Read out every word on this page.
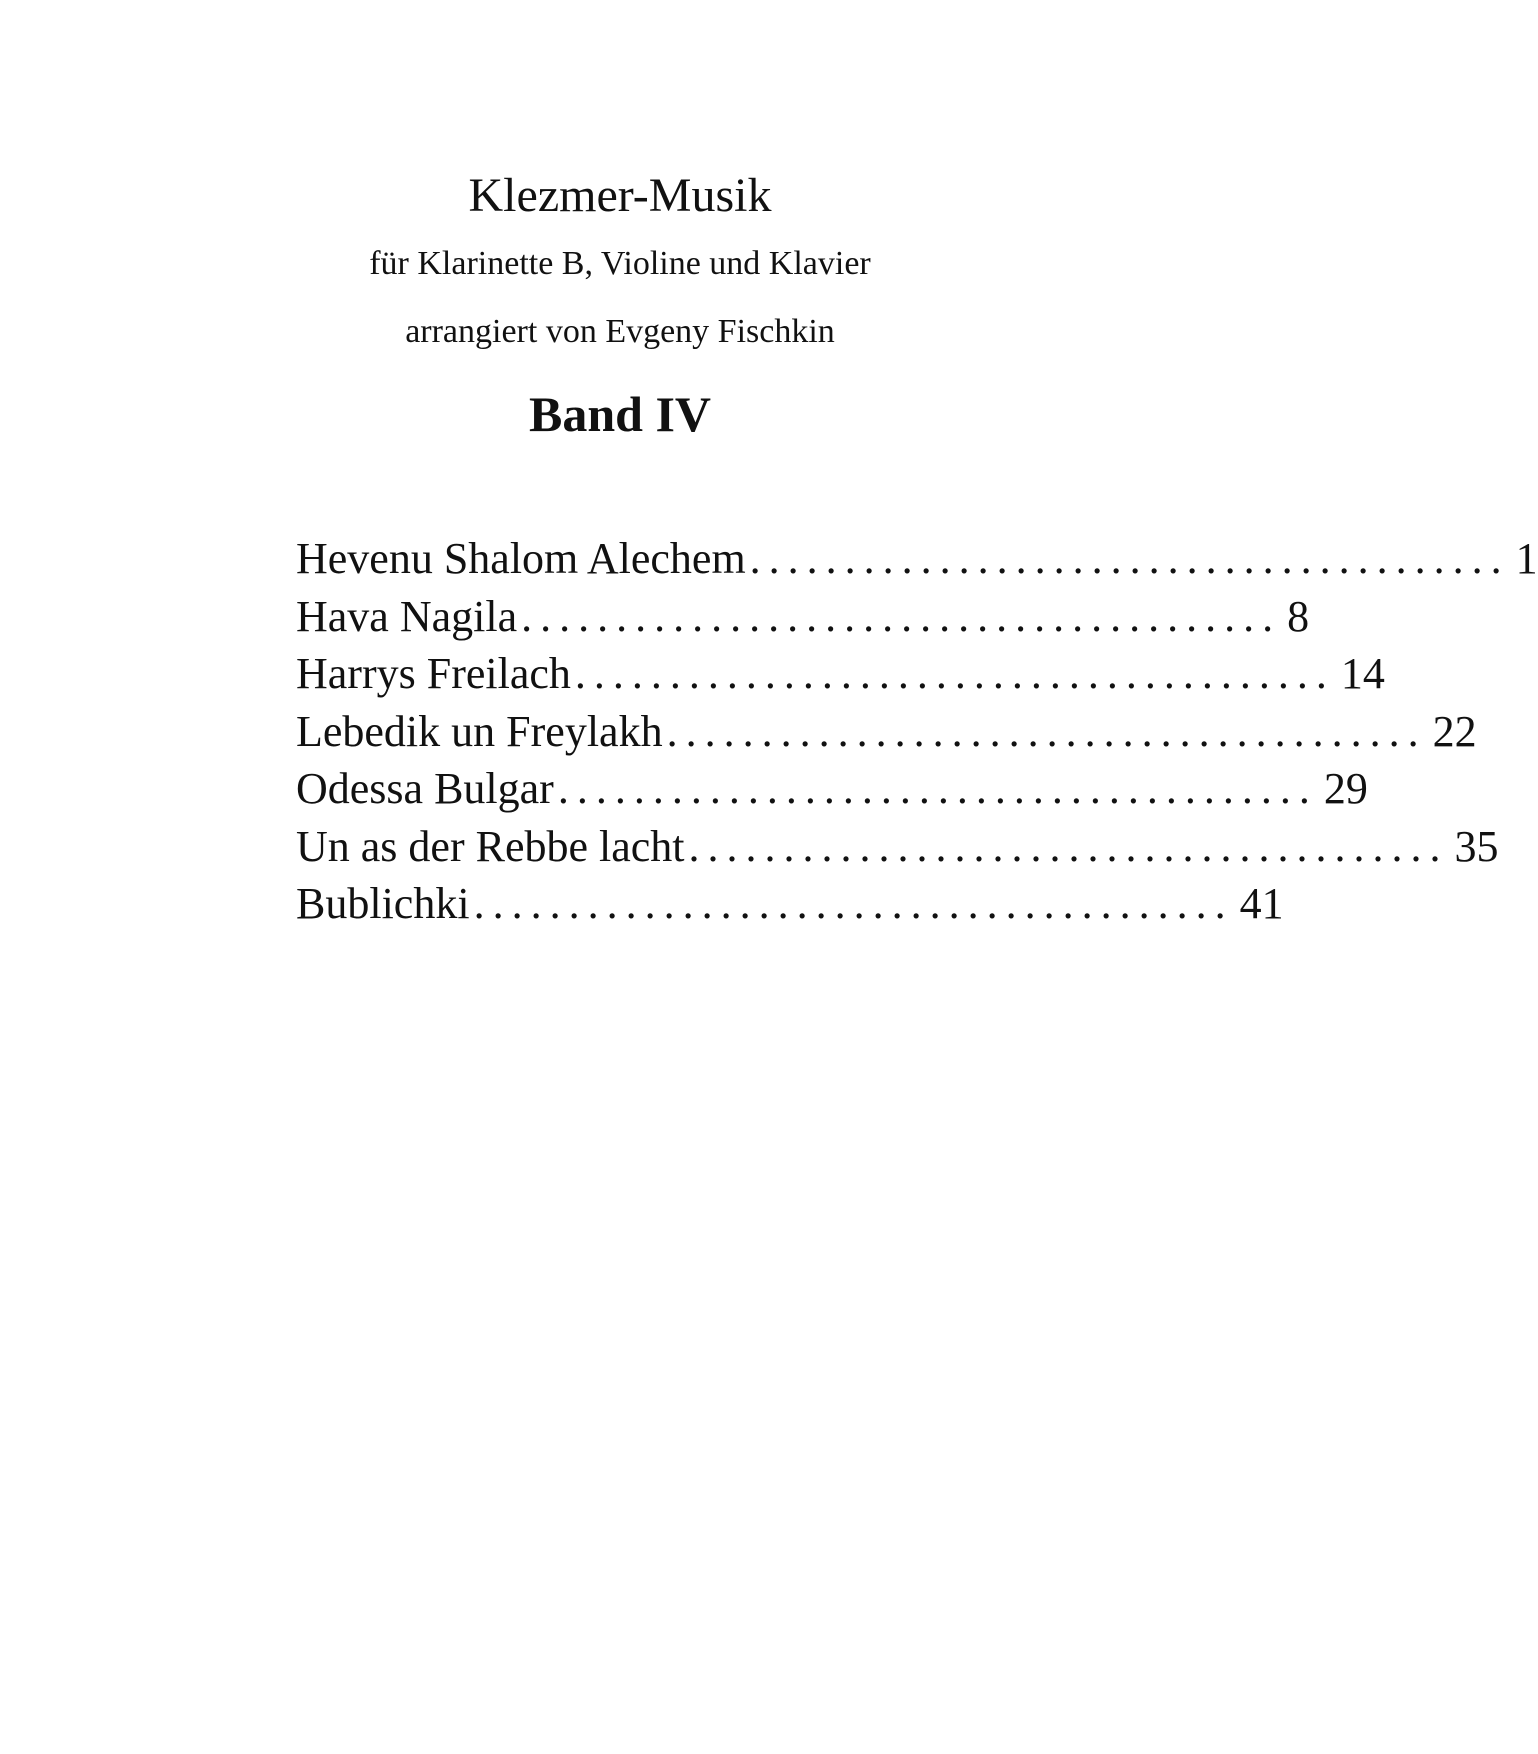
Klezmer-Musik
für Klarinette B, Violine und Klavier
arrangiert von Evgeny Fischkin
Band IV
Hevenu Shalom Alechem ........................................ 1
Hava Nagila ........................................ 8
Harrys Freilach ........................................ 14
Lebedik un Freylakh ........................................ 22
Odessa Bulgar ........................................ 29
Un as der Rebbe lacht ........................................ 35
Bublichki ........................................ 41
